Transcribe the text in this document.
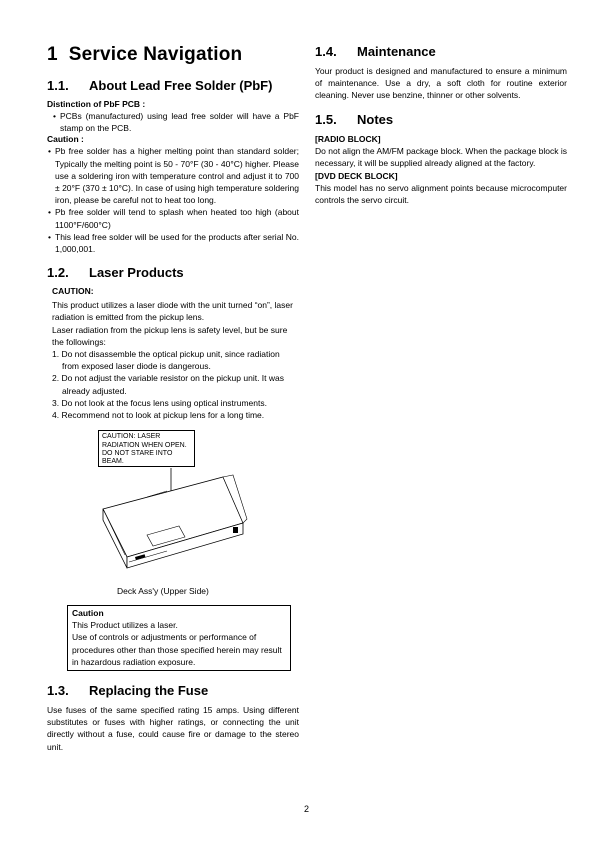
1 Service Navigation
1.1.	About Lead Free Solder (PbF)
Distinction of PbF PCB :
• PCBs (manufactured) using lead free solder will have a PbF stamp on the PCB.
Caution :
• Pb free solder has a higher melting point than standard solder; Typically the melting point is 50 - 70°F (30 - 40°C) higher. Please use a soldering iron with temperature control and adjust it to 700 ± 20°F (370 ± 10°C). In case of using high temperature soldering iron, please be careful not to heat too long.
• Pb free solder will tend to splash when heated too high (about 1100°F/600°C)
• This lead free solder will be used for the products after serial No. 1,000,001.
1.2.	Laser Products
CAUTION:

This product utilizes a laser diode with the unit turned “on”, laser radiation is emitted from the pickup lens.

Laser radiation from the pickup lens is safety level, but be sure the followings:

1. Do not disassemble the optical pickup unit, since radiation from exposed laser diode is dangerous.
2. Do not adjust the variable resistor on the pickup unit. It was already adjusted.
3. Do not look at the focus lens using optical instruments.
4. Recommend not to look at pickup lens for a long time.
CAUTION: LASER RADIATION WHEN OPEN. DO NOT STARE INTO BEAM.
Deck Ass'y (Upper Side)
Caution

This Product utilizes a laser.

Use of controls or adjustments or performance of procedures other than those specified herein may result in hazardous radiation exposure.

1.3.	Replacing the Fuse

Use fuses of the same specified rating 15 amps. Using different substitutes or fuses with higher ratings, or connecting the unit directly without a fuse, could cause fire or damage to the stereo unit.

1.4.	Maintenance

Your product is designed and manufactured to ensure a minimum of maintenance. Use a dry, a soft cloth for routine exterior cleaning. Never use benzine, thinner or other solvents.

1.5.	Notes
[RADIO BLOCK]

Do not align the AM/FM package block. When the package block is necessary, it will be supplied already aligned at the factory.

[DVD DECK BLOCK]

This model has no servo alignment points because microcomputer controls the servo circuit.

2
